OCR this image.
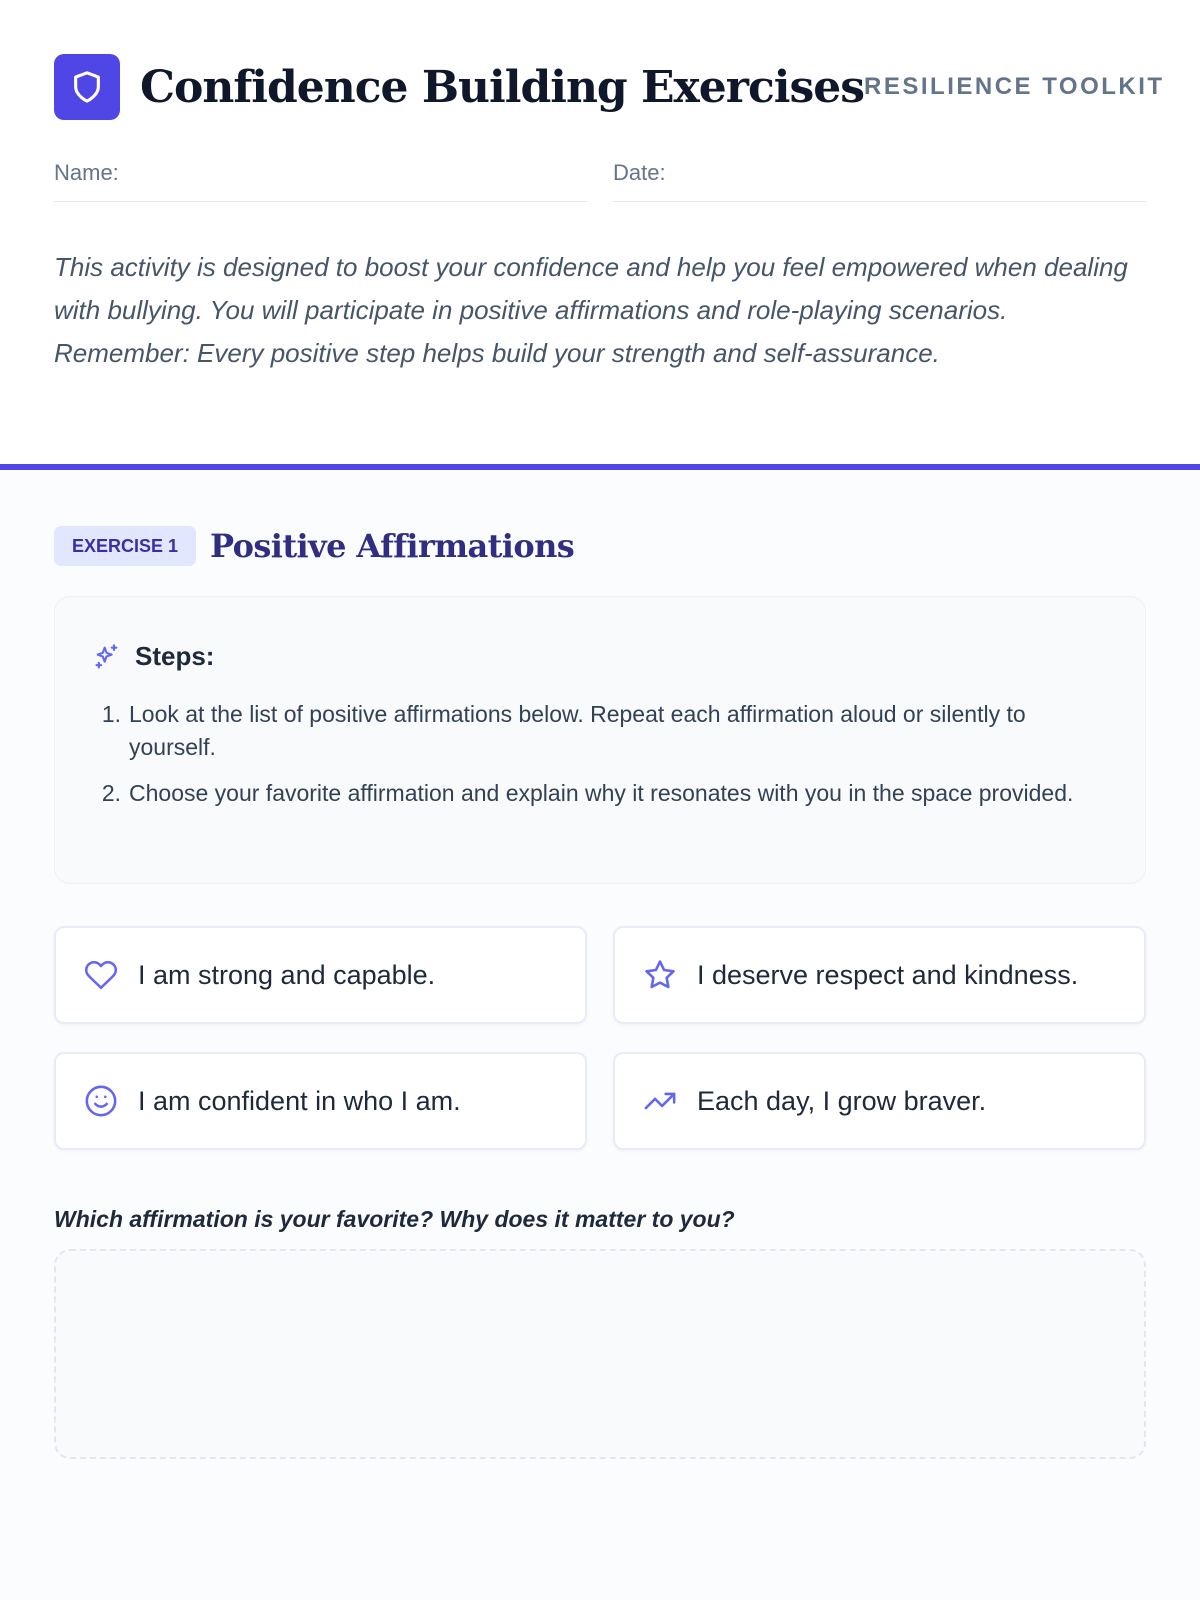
Confidence Building Exercises RESILIENCE TOOLKIT
Name:	Date:

This activity is designed to boost your confidence and help you feel empowered when dealing with bullying. You will participate in positive affirmations and role-playing scenarios. Remember: Every positive step helps build your strength and self-assurance.

EXERCISE 1	Positive Affirmations
Steps:
1. Look at the list of positive affirmations below. Repeat each affirmation aloud or silently to yourself.
2. Choose your favorite affirmation and explain why it resonates with you in the space provided.
I am strong and capable.	I deserve respect and kindness.
I am confident in who I am.	Each day, I grow braver.

Which affirmation is your favorite? Why does it matter to you?
